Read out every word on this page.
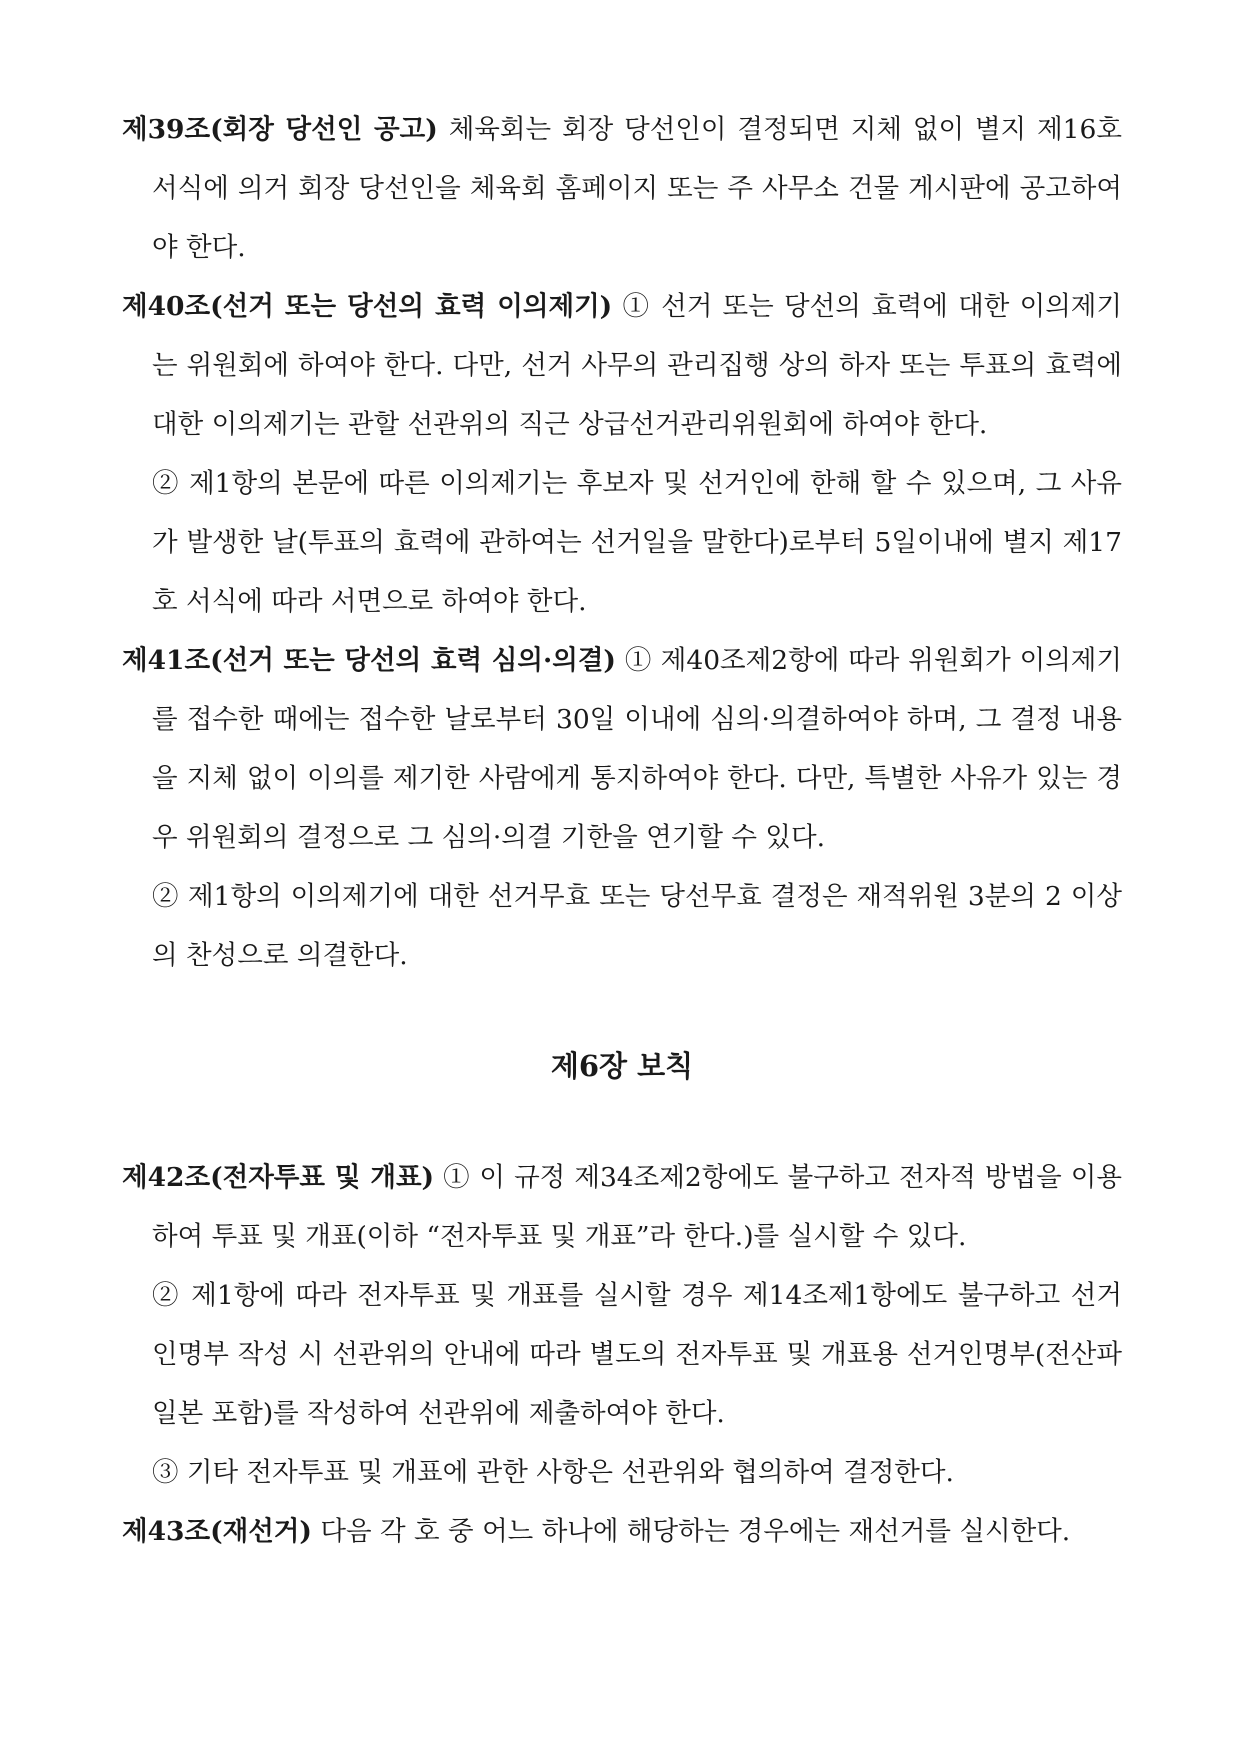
제39조(회장 당선인 공고) 체육회는 회장 당선인이 결정되면 지체 없이 별지 제16호 서식에 의거 회장 당선인을 체육회 홈페이지 또는 주 사무소 건물 게시판에 공고하여야 한다.
제40조(선거 또는 당선의 효력 이의제기) ① 선거 또는 당선의 효력에 대한 이의제기는 위원회에 하여야 한다. 다만, 선거 사무의 관리집행 상의 하자 또는 투표의 효력에 대한 이의제기는 관할 선관위의 직근 상급선거관리위원회에 하여야 한다.
② 제1항의 본문에 따른 이의제기는 후보자 및 선거인에 한해 할 수 있으며, 그 사유가 발생한 날(투표의 효력에 관하여는 선거일을 말한다)로부터 5일이내에 별지 제17호 서식에 따라 서면으로 하여야 한다.
제41조(선거 또는 당선의 효력 심의·의결) ① 제40조제2항에 따라 위원회가 이의제기를 접수한 때에는 접수한 날로부터 30일 이내에 심의·의결하여야 하며, 그 결정 내용을 지체 없이 이의를 제기한 사람에게 통지하여야 한다. 다만, 특별한 사유가 있는 경우 위원회의 결정으로 그 심의·의결 기한을 연기할 수 있다.
② 제1항의 이의제기에 대한 선거무효 또는 당선무효 결정은 재적위원 3분의 2 이상의 찬성으로 의결한다.
제6장 보칙
제42조(전자투표 및 개표) ① 이 규정 제34조제2항에도 불구하고 전자적 방법을 이용하여 투표 및 개표(이하 “전자투표 및 개표”라 한다.)를 실시할 수 있다.
② 제1항에 따라 전자투표 및 개표를 실시할 경우 제14조제1항에도 불구하고 선거인명부 작성 시 선관위의 안내에 따라 별도의 전자투표 및 개표용 선거인명부(전산파일본 포함)를 작성하여 선관위에 제출하여야 한다.
③ 기타 전자투표 및 개표에 관한 사항은 선관위와 협의하여 결정한다.
제43조(재선거) 다음 각 호 중 어느 하나에 해당하는 경우에는 재선거를 실시한다.
